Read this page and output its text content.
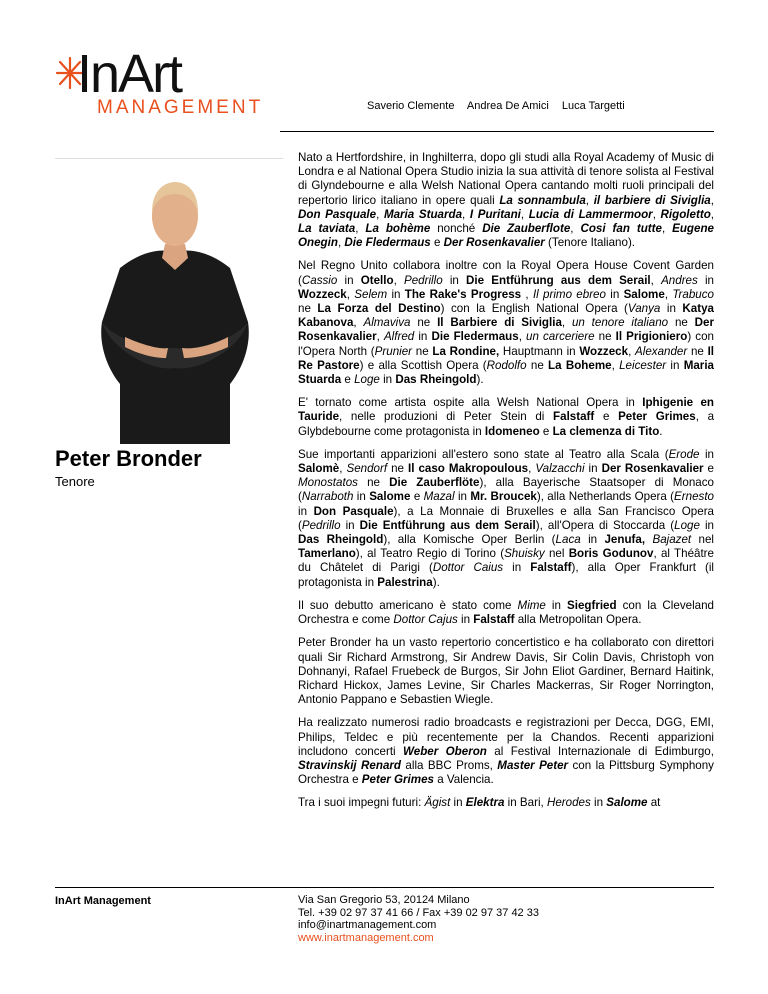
InArt
MANAGEMENT	Saverio Clemente Andrea De Amici Luca Targetti
Peter Bronder
Tenore

Nato a Hertfordshire, in Inghilterra, dopo gli studi alla Royal Academy of Music di Londra e al National Opera Studio inizia la sua attività di tenore solista al Festival di Glyndebourne e alla Welsh National Opera cantando molti ruoli principali del repertorio lirico italiano in opere quali La sonnambula, il barbiere di Siviglia, Don Pasquale, Maria Stuarda, I Puritani, Lucia di Lammermoor, Rigoletto, La taviata, La bohème nonché Die Zauberflote, Cosi fan tutte, Eugene Onegin, Die Fledermaus e Der Rosenkavalier (Tenore Italiano).

Nel Regno Unito collabora inoltre con la Royal Opera House Covent Garden (Cassio in Otello, Pedrillo in Die Entführung aus dem Serail, Andres in Wozzeck, Selem in The Rake's Progress , Il primo ebreo in Salome, Trabuco ne La Forza del Destino) con la English National Opera (Vanya in Katya Kabanova, Almaviva ne Il Barbiere di Siviglia, un tenore italiano ne Der Rosenkavalier, Alfred in Die Fledermaus, un carceriere ne Il Prigioniero) con l'Opera North (Prunier ne La Rondine, Hauptmann in Wozzeck, Alexander ne Il Re Pastore) e alla Scottish Opera (Rodolfo ne La Boheme, Leicester in Maria Stuarda e Loge in Das Rheingold).

E' tornato come artista ospite alla Welsh National Opera in Iphigenie en Tauride, nelle produzioni di Peter Stein di Falstaff e Peter Grimes, a Glybdebourne come protagonista in Idomeneo e La clemenza di Tito.

Sue importanti apparizioni all'estero sono state al Teatro alla Scala (Erode in Salomè, Sendorf ne Il caso Makropoulous, Valzacchi in Der Rosenkavalier e Monostatos ne Die Zauberflöte), alla Bayerische Staatsoper di Monaco (Narraboth in Salome e Mazal in Mr. Broucek), alla Netherlands Opera (Ernesto in Don Pasquale), a La Monnaie di Bruxelles e alla San Francisco Opera (Pedrillo in Die Entführung aus dem Serail), all'Opera di Stoccarda (Loge in Das Rheingold), alla Komische Oper Berlin (Laca in Jenufa, Bajazet nel Tamerlano), al Teatro Regio di Torino (Shuisky nel Boris Godunov, al Théâtre du Châtelet di Parigi (Dottor Caius in Falstaff), alla Oper Frankfurt (il protagonista in Palestrina).

Il suo debutto americano è stato come Mime in Siegfried con la Cleveland Orchestra e come Dottor Cajus in Falstaff alla Metropolitan Opera.

Peter Bronder ha un vasto repertorio concertistico e ha collaborato con direttori quali Sir Richard Armstrong, Sir Andrew Davis, Sir Colin Davis, Christoph von Dohnanyi, Rafael Fruebeck de Burgos, Sir John Eliot Gardiner, Bernard Haitink, Richard Hickox, James Levine, Sir Charles Mackerras, Sir Roger Norrington, Antonio Pappano e Sebastien Wiegle.

Ha realizzato numerosi radio broadcasts e registrazioni per Decca, DGG, EMI, Philips, Teldec e più recentemente per la Chandos. Recenti apparizioni includono concerti Weber Oberon al Festival Internazionale di Edimburgo, Stravinskij Renard alla BBC Proms, Master Peter con la Pittsburg Symphony Orchestra e Peter Grimes a Valencia.

Tra i suoi impegni futuri: Ägist in Elektra in Bari, Herodes in Salome at

InArt Management	Via San Gregorio 53, 20124 Milano
Tel. +39 02 97 37 41 66 / Fax +39 02 97 37 42 33
info@inartmanagement.com
www.inartmanagement.com
